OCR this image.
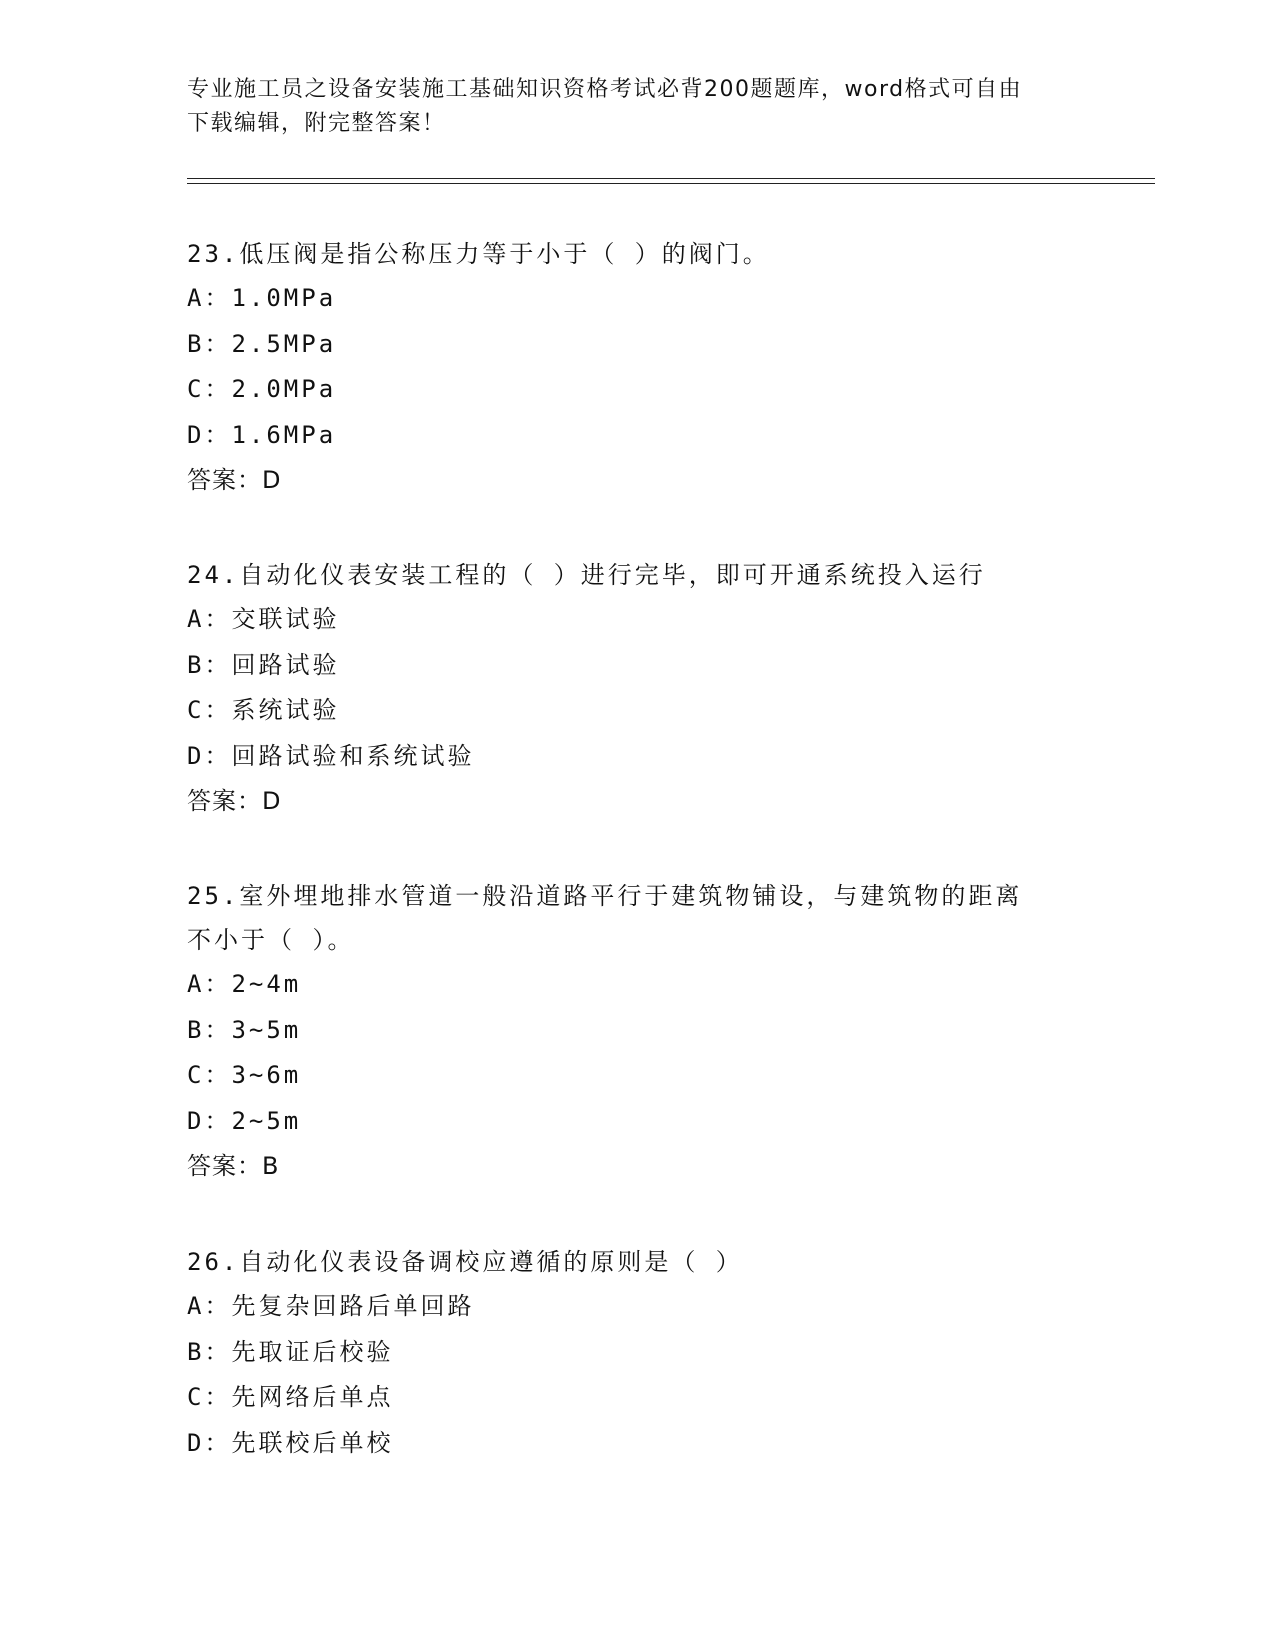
专业施工员之设备安装施工基础知识资格考试必背200题题库，word格式可自由
下载编辑，附完整答案！
23.低压阀是指公称压力等于小于（ ）的阀门。
A：1.0MPa
B：2.5MPa
C：2.0MPa
D：1.6MPa
答案：D
24.自动化仪表安装工程的（ ）进行完毕，即可开通系统投入运行
A：交联试验
B：回路试验
C：系统试验
D：回路试验和系统试验
答案：D
25.室外埋地排水管道一般沿道路平行于建筑物铺设，与建筑物的距离
不小于（ ）。
A：2~4m
B：3~5m
C：3~6m
D：2~5m
答案：B
26.自动化仪表设备调校应遵循的原则是（ ）
A：先复杂回路后单回路
B：先取证后校验
C：先网络后单点
D：先联校后单校
